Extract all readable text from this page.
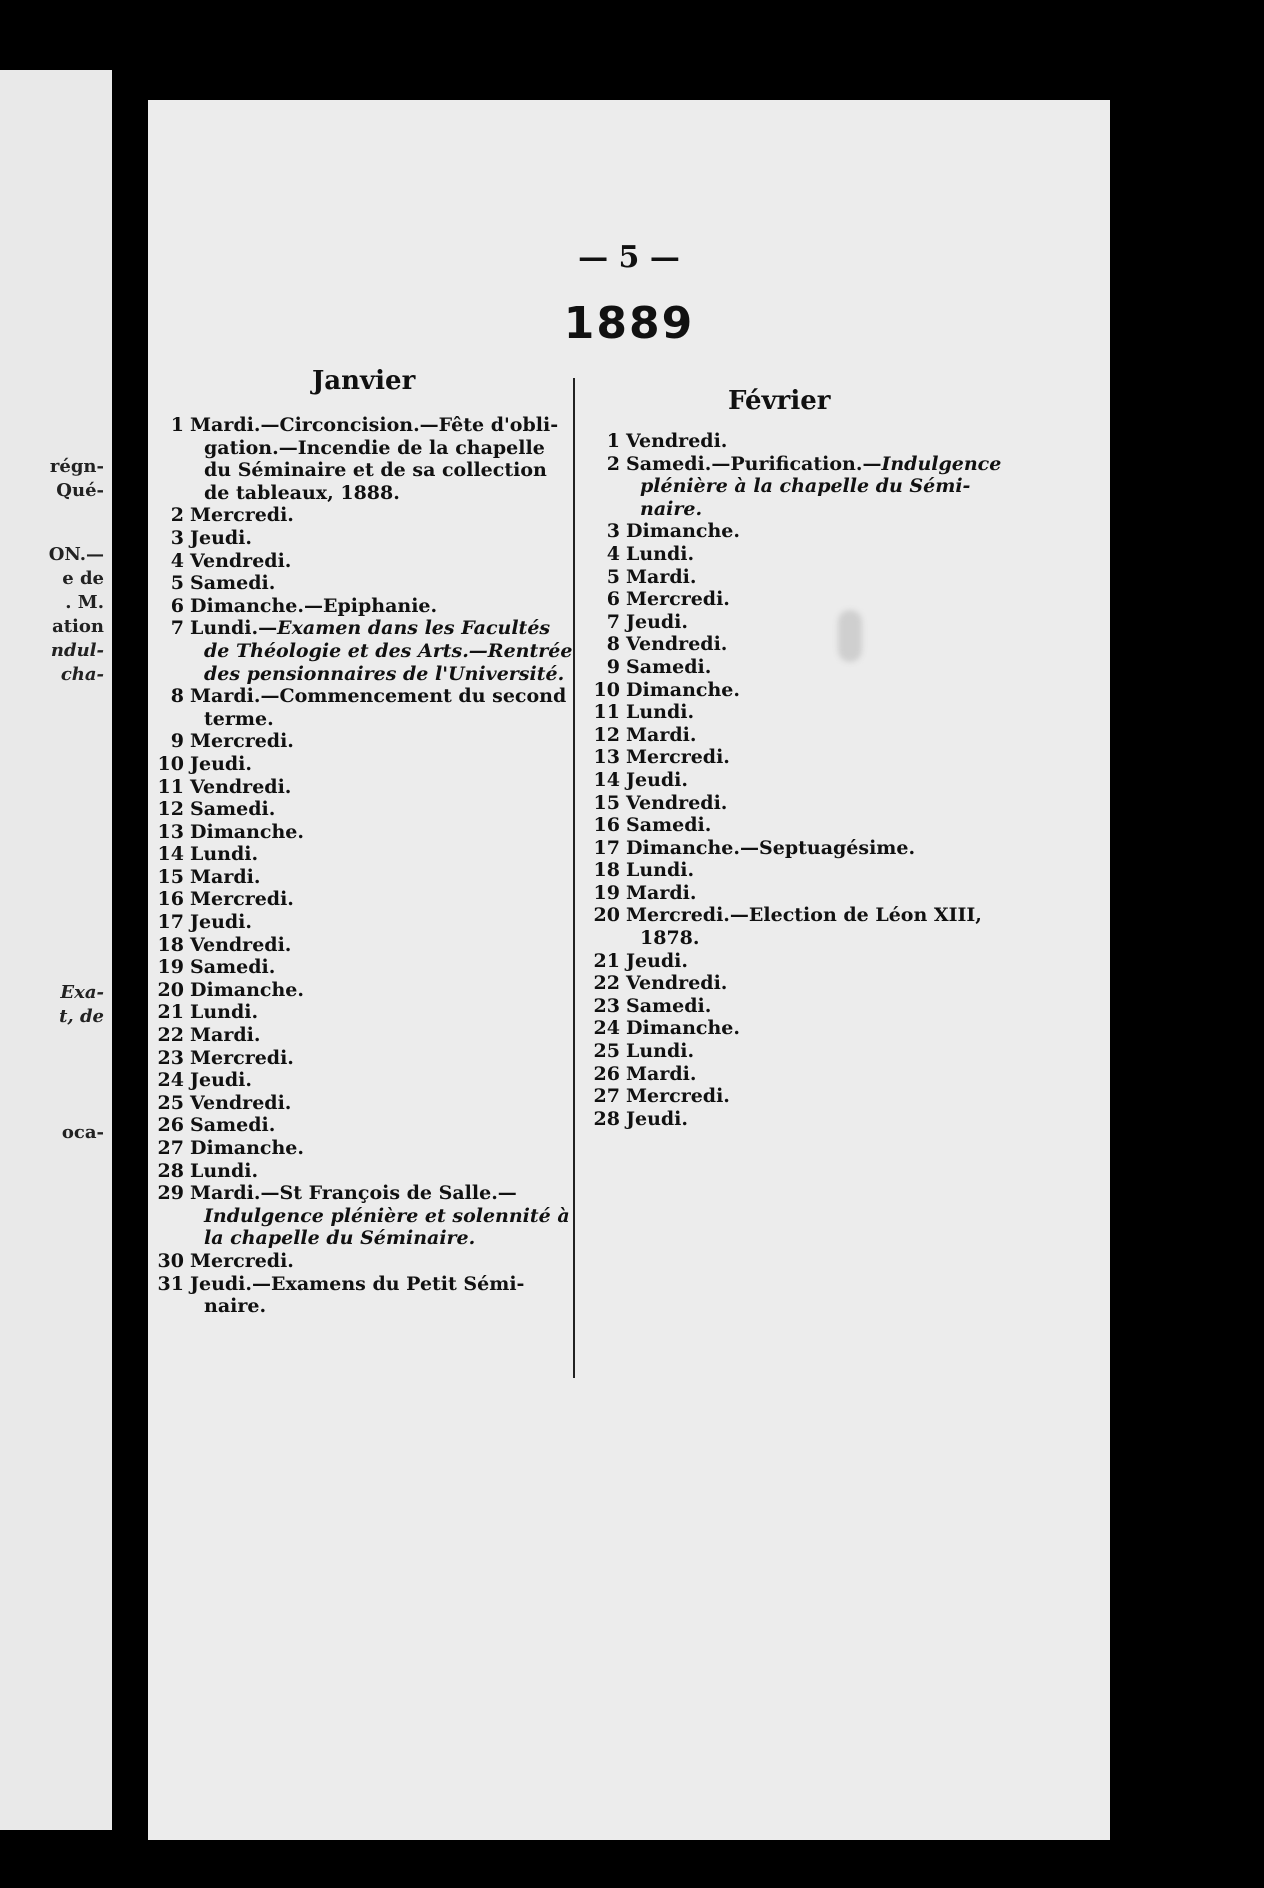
régn-
Qué-
ON.—
e de
. M.
ation
ndul-
cha-
Exa-
t, de
oca-
— 5 —
1889
Janvier
Février
1 Mardi.—Circoncision.—Fête d'obli-
gation.—Incendie de la chapelle
du Séminaire et de sa collection
de tableaux, 1888.
2 Mercredi.
3 Jeudi.
4 Vendredi.
5 Samedi.
6 Dimanche.—Epiphanie.
7 Lundi.—Examen dans les Facultés
de Théologie et des Arts.—Rentrée
des pensionnaires de l'Université.
8 Mardi.—Commencement du second
terme.
9 Mercredi.
10 Jeudi.
11 Vendredi.
12 Samedi.
13 Dimanche.
14 Lundi.
15 Mardi.
16 Mercredi.
17 Jeudi.
18 Vendredi.
19 Samedi.
20 Dimanche.
21 Lundi.
22 Mardi.
23 Mercredi.
24 Jeudi.
25 Vendredi.
26 Samedi.
27 Dimanche.
28 Lundi.
29 Mardi.—St François de Salle.—
Indulgence plénière et solennité à
la chapelle du Séminaire.
30 Mercredi.
31 Jeudi.—Examens du Petit Sémi-
naire.
1 Vendredi.
2 Samedi.—Purification.—Indulgence
plénière à la chapelle du Sémi-
naire.
3 Dimanche.
4 Lundi.
5 Mardi.
6 Mercredi.
7 Jeudi.
8 Vendredi.
9 Samedi.
10 Dimanche.
11 Lundi.
12 Mardi.
13 Mercredi.
14 Jeudi.
15 Vendredi.
16 Samedi.
17 Dimanche.—Septuagésime.
18 Lundi.
19 Mardi.
20 Mercredi.—Election de Léon XIII,
1878.
21 Jeudi.
22 Vendredi.
23 Samedi.
24 Dimanche.
25 Lundi.
26 Mardi.
27 Mercredi.
28 Jeudi.
